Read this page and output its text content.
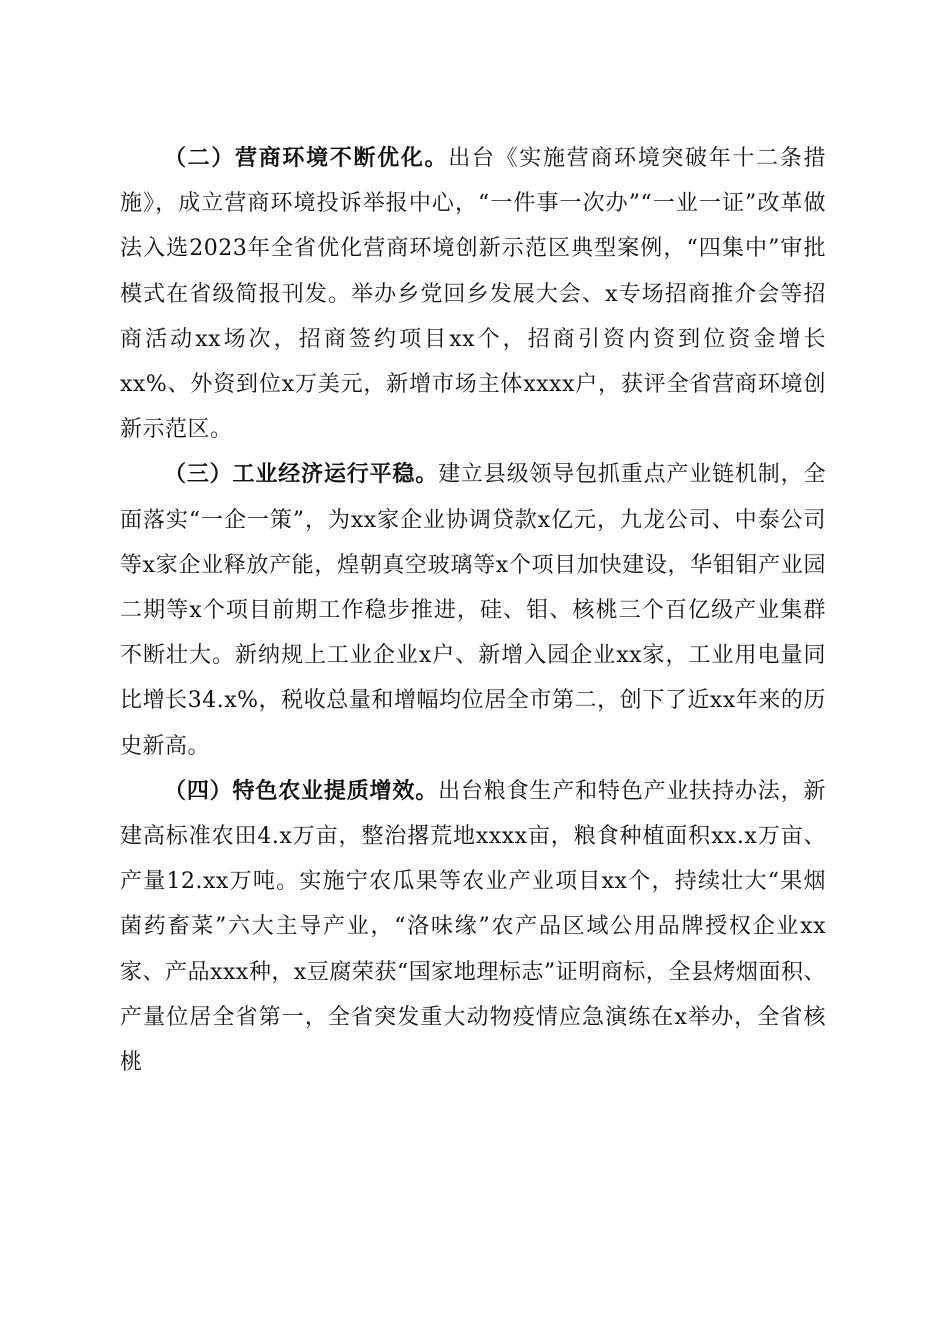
（二）营商环境不断优化。出台《实施营商环境突破年十二条措施》，成立营商环境投诉举报中心，“一件事一次办”“一业一证”改革做法入选2023年全省优化营商环境创新示范区典型案例，“四集中”审批模式在省级简报刊发。举办乡党回乡发展大会、x专场招商推介会等招商活动xx场次，招商签约项目xx个，招商引资内资到位资金增长xx%、外资到位x万美元，新增市场主体xxxx户，获评全省营商环境创新示范区。

（三）工业经济运行平稳。建立县级领导包抓重点产业链机制，全面落实“一企一策”，为xx家企业协调贷款x亿元，九龙公司、中泰公司等x家企业释放产能，煌朝真空玻璃等x个项目加快建设，华钼钼产业园二期等x个项目前期工作稳步推进，硅、钼、核桃三个百亿级产业集群不断壮大。新纳规上工业企业x户、新增入园企业xx家，工业用电量同比增长34.x%，税收总量和增幅均位居全市第二，创下了近xx年来的历史新高。

（四）特色农业提质增效。出台粮食生产和特色产业扶持办法，新建高标准农田4.x万亩，整治撂荒地xxxx亩，粮食种植面积xx.x万亩、产量12.xx万吨。实施宁农瓜果等农业产业项目xx个，持续壮大“果烟菌药畜菜”六大主导产业，“洛味缘”农产品区域公用品牌授权企业xx家、产品xxx种，x豆腐荣获“国家地理标志”证明商标，全县烤烟面积、产量位居全省第一，全省突发重大动物疫情应急演练在x举办，全省核桃
